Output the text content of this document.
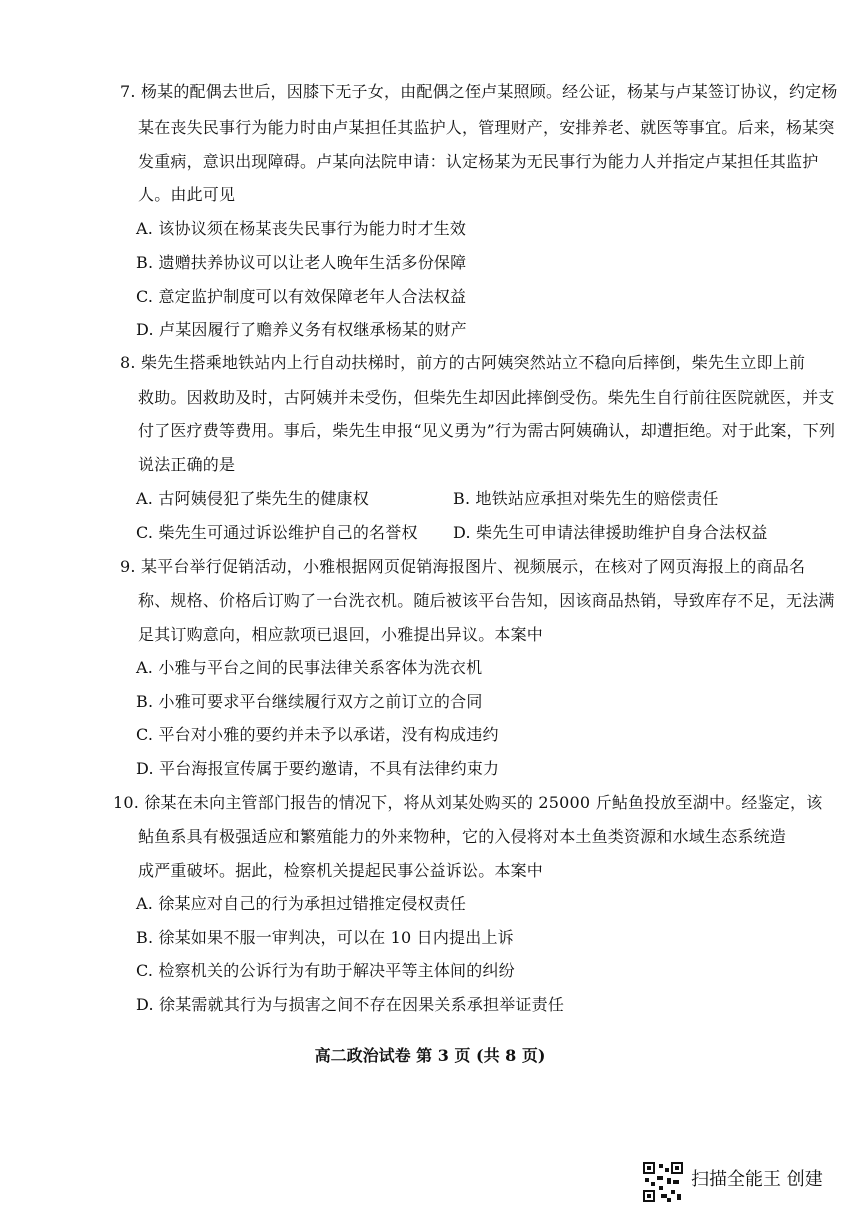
7. 杨某的配偶去世后，因膝下无子女，由配偶之侄卢某照顾。经公证，杨某与卢某签订协议，约定杨
某在丧失民事行为能力时由卢某担任其监护人，管理财产，安排养老、就医等事宜。后来，杨某突
发重病，意识出现障碍。卢某向法院申请：认定杨某为无民事行为能力人并指定卢某担任其监护
人。由此可见
A. 该协议须在杨某丧失民事行为能力时才生效
B. 遗赠扶养协议可以让老人晚年生活多份保障
C. 意定监护制度可以有效保障老年人合法权益
D. 卢某因履行了赡养义务有权继承杨某的财产
8. 柴先生搭乘地铁站内上行自动扶梯时，前方的古阿姨突然站立不稳向后摔倒，柴先生立即上前
救助。因救助及时，古阿姨并未受伤，但柴先生却因此摔倒受伤。柴先生自行前往医院就医，并支
付了医疗费等费用。事后，柴先生申报“见义勇为”行为需古阿姨确认，却遭拒绝。对于此案，下列
说法正确的是
A. 古阿姨侵犯了柴先生的健康权	B. 地铁站应承担对柴先生的赔偿责任
C. 柴先生可通过诉讼维护自己的名誉权 D. 柴先生可申请法律援助维护自身合法权益
9. 某平台举行促销活动，小雅根据网页促销海报图片、视频展示，在核对了网页海报上的商品名
称、规格、价格后订购了一台洗衣机。随后被该平台告知，因该商品热销，导致库存不足，无法满
足其订购意向，相应款项已退回，小雅提出异议。本案中
A. 小雅与平台之间的民事法律关系客体为洗衣机
B. 小雅可要求平台继续履行双方之前订立的合同
C. 平台对小雅的要约并未予以承诺，没有构成违约
D. 平台海报宣传属于要约邀请，不具有法律约束力
10. 徐某在未向主管部门报告的情况下，将从刘某处购买的 25000 斤鲇鱼投放至湖中。经鉴定，该
鲇鱼系具有极强适应和繁殖能力的外来物种，它的入侵将对本土鱼类资源和水域生态系统造
成严重破坏。据此，检察机关提起民事公益诉讼。本案中
A. 徐某应对自己的行为承担过错推定侵权责任
B. 徐某如果不服一审判决，可以在 10 日内提出上诉
C. 检察机关的公诉行为有助于解决平等主体间的纠纷
D. 徐某需就其行为与损害之间不存在因果关系承担举证责任
高二政治试卷 第 3 页 (共 8 页)
扫描全能王 创建
